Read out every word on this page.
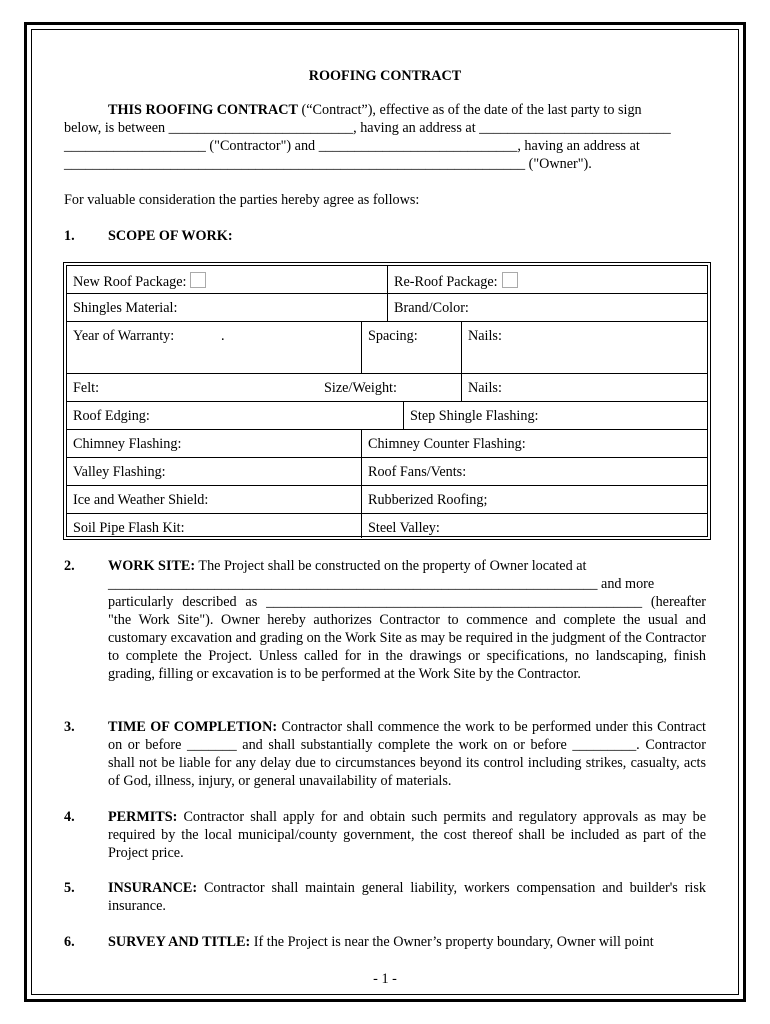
ROOFING CONTRACT

THIS ROOFING CONTRACT (“Contract”), effective as of the date of the last party to sign

below, is between __________________________, having an address at ___________________________

____________________ ("Contractor") and ____________________________, having an address at

_________________________________________________________________ ("Owner").

For valuable consideration the parties hereby agree as follows:
1. SCOPE OF WORK:
New Roof Package:	Re-Roof Package:
Shingles Material:	Brand/Color:
Year of Warranty:	.	Spacing:	Nails:
Felt:	Size/Weight:	Nails:
Roof Edging:	Step Shingle Flashing:
Chimney Flashing:	Chimney Counter Flashing:
Valley Flashing:	Roof Fans/Vents:
Ice and Weather Shield:	Rubberized Roofing;
Soil Pipe Flash Kit:	Steel Valley:
2. WORK SITE: The Project shall be constructed on the property of Owner located at
_____________________________________________________________________ and more
particularly described as _____________________________________________________ (hereafter "the Work Site"). Owner hereby authorizes Contractor to commence and complete the usual and customary excavation and grading on the Work Site as may be required in the judgment of the Contractor to complete the Project. Unless called for in the drawings or specifications, no landscaping, finish grading, filling or excavation is to be performed at the Work Site by the Contractor.
3. TIME OF COMPLETION: Contractor shall commence the work to be performed under this Contract on or before _______ and shall substantially complete the work on or before _________. Contractor shall not be liable for any delay due to circumstances beyond its control including strikes, casualty, acts of God, illness, injury, or general unavailability of materials.
4. PERMITS: Contractor shall apply for and obtain such permits and regulatory approvals as may be required by the local municipal/county government, the cost thereof shall be included as part of the Project price.
5. INSURANCE: Contractor shall maintain general liability, workers compensation and builder's risk insurance.
6. SURVEY AND TITLE: If the Project is near the Owner’s property boundary, Owner will point
- 1 -
